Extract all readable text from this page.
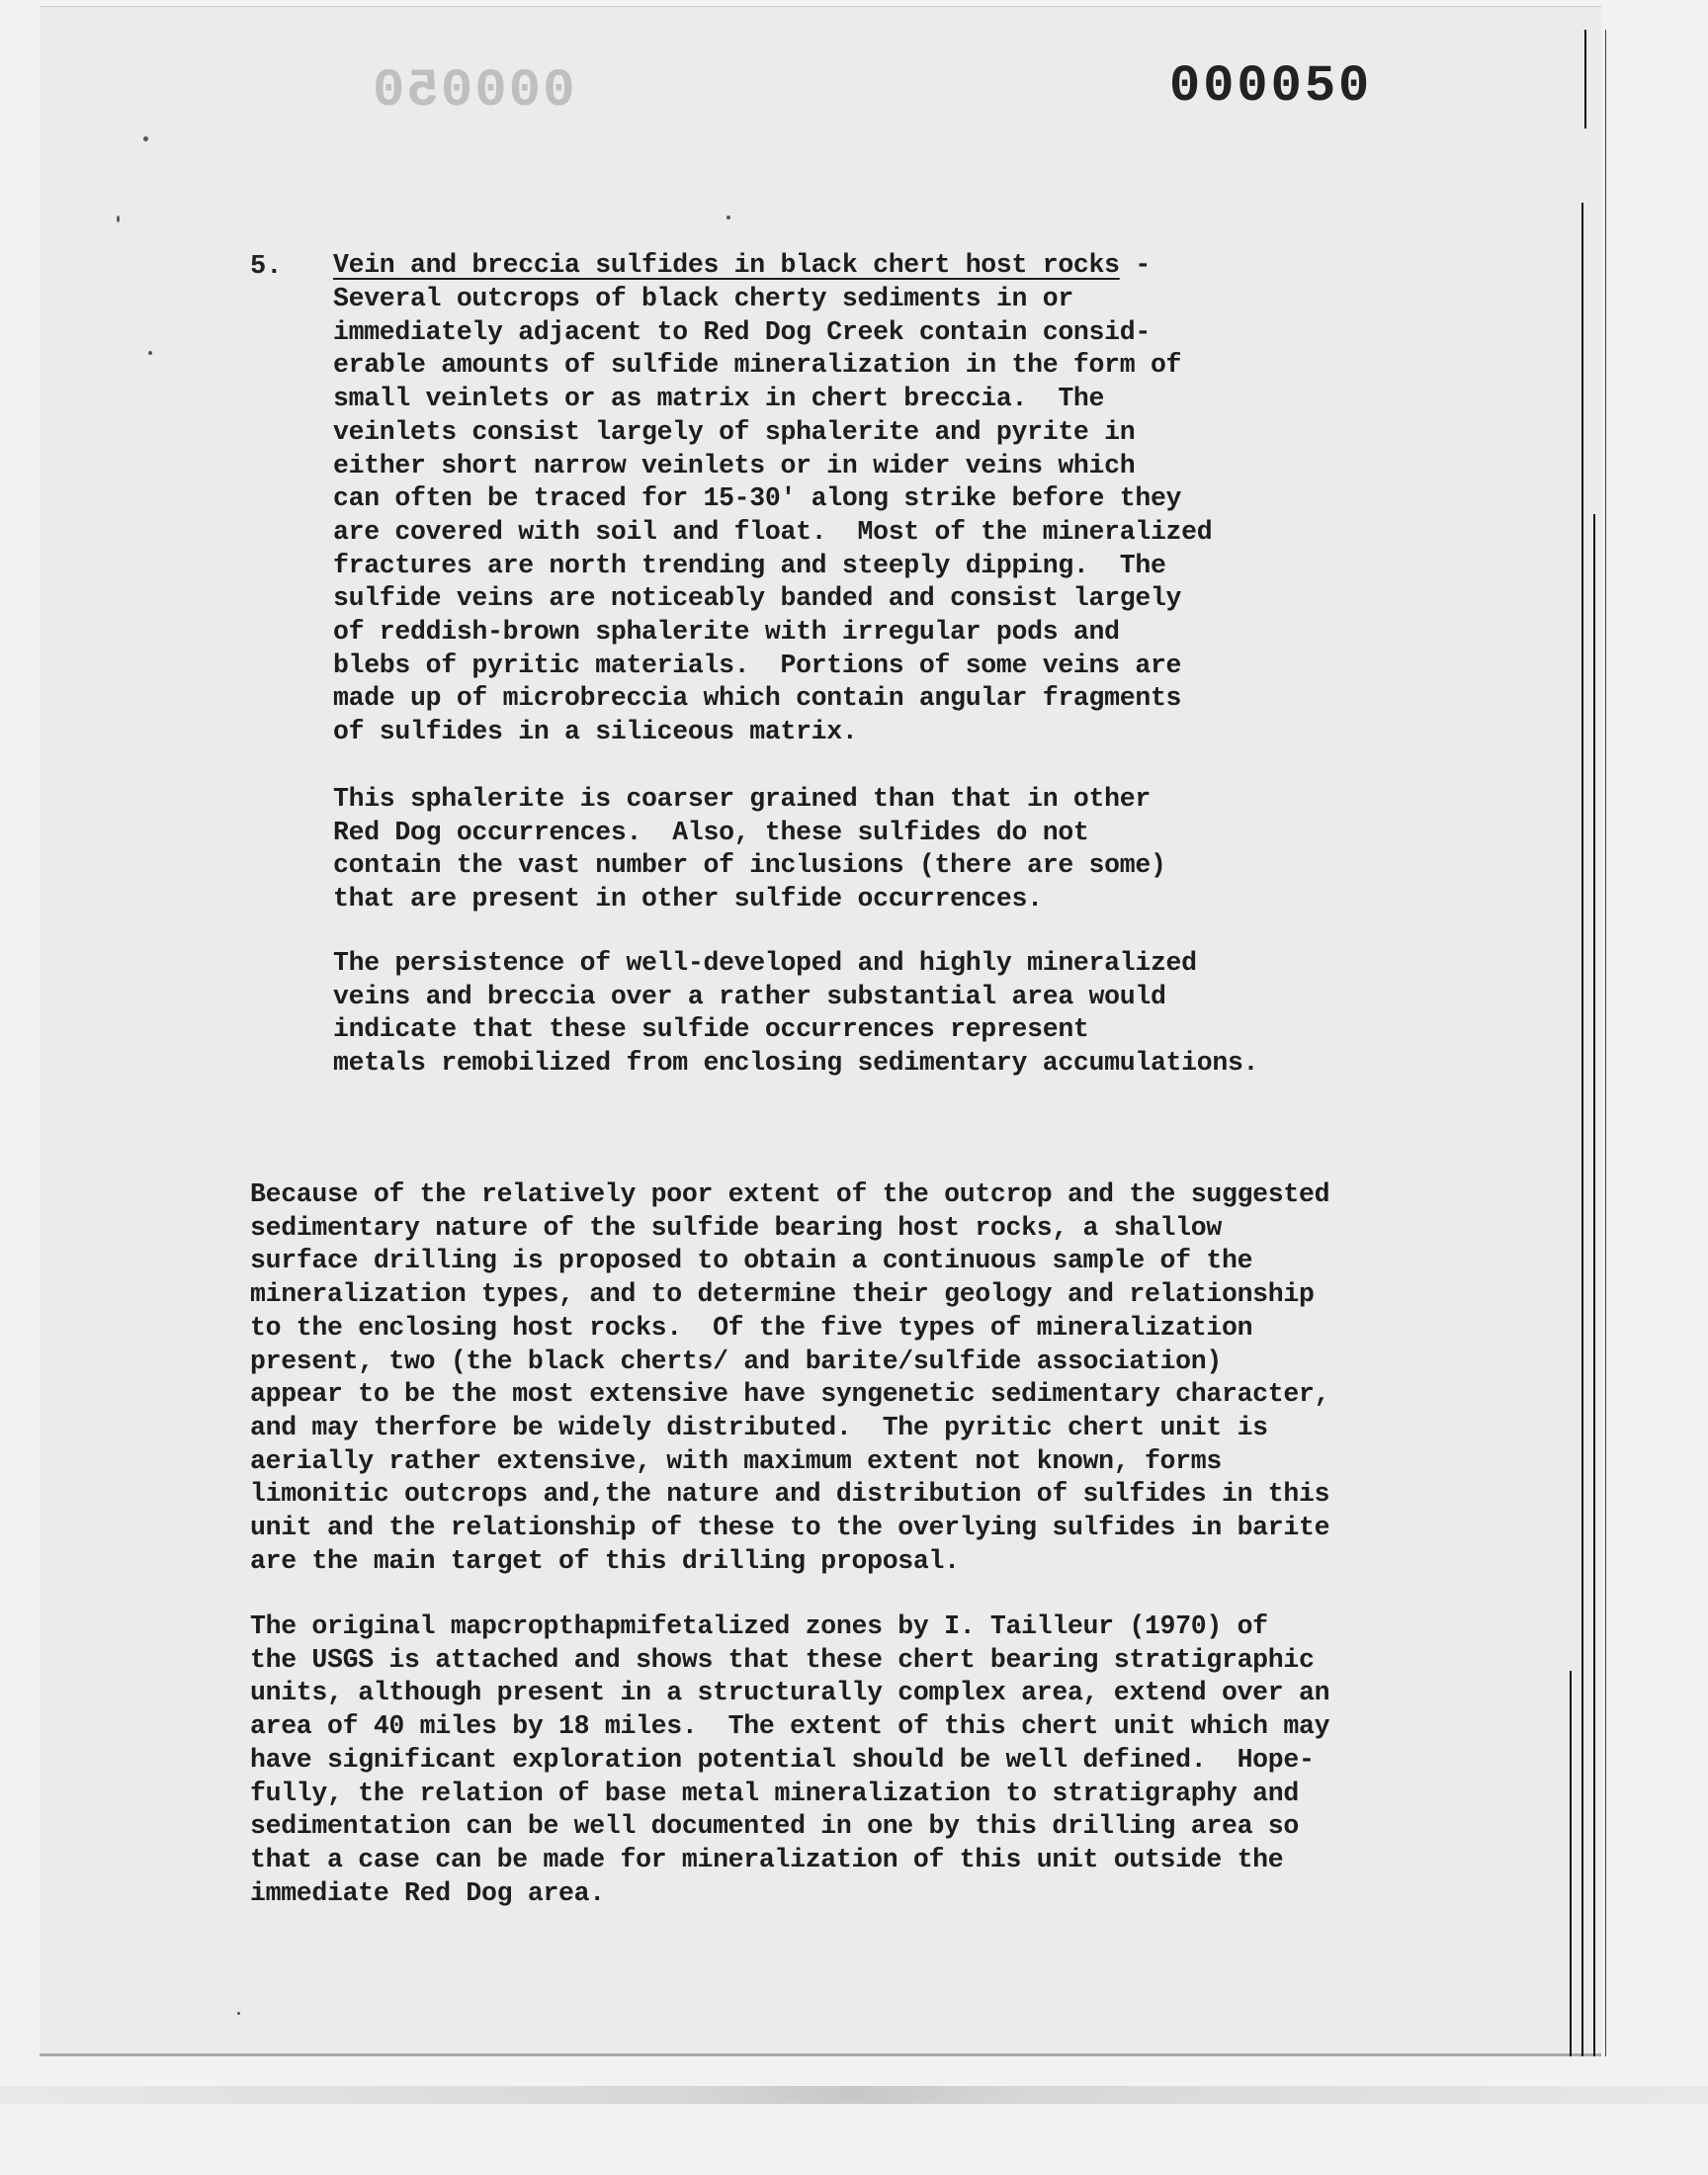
000050	000050
5. Vein and breccia sulfides in black chert host rocks -
Several outcrops of black cherty sediments in or
immediately adjacent to Red Dog Creek contain consid-
erable amounts of sulfide mineralization in the form of
small veinlets or as matrix in chert breccia.  The
veinlets consist largely of sphalerite and pyrite in
either short narrow veinlets or in wider veins which
can often be traced for 15-30' along strike before they
are covered with soil and float.  Most of the mineralized
fractures are north trending and steeply dipping.  The
sulfide veins are noticeably banded and consist largely
of reddish-brown sphalerite with irregular pods and
blebs of pyritic materials.  Portions of some veins are
made up of microbreccia which contain angular fragments
of sulfides in a siliceous matrix.
This sphalerite is coarser grained than that in other
Red Dog occurrences.  Also, these sulfides do not
contain the vast number of inclusions (there are some)
that are present in other sulfide occurrences.
The persistence of well-developed and highly mineralized
veins and breccia over a rather substantial area would
indicate that these sulfide occurrences represent
metals remobilized from enclosing sedimentary accumulations.
Because of the relatively poor extent of the outcrop and the suggested
sedimentary nature of the sulfide bearing host rocks, a shallow
surface drilling is proposed to obtain a continuous sample of the
mineralization types, and to determine their geology and relationship
to the enclosing host rocks.  Of the five types of mineralization
present, two (the black cherts/ and barite/sulfide association)
appear to be the most extensive have syngenetic sedimentary character,
and may therfore be widely distributed.  The pyritic chert unit is
aerially rather extensive, with maximum extent not known, forms
limonitic outcrops and,the nature and distribution of sulfides in this
unit and the relationship of these to the overlying sulfides in barite
are the main target of this drilling proposal.
The original mapcropthapmifetalized zones by I. Tailleur (1970) of
the USGS is attached and shows that these chert bearing stratigraphic
units, although present in a structurally complex area, extend over an
area of 40 miles by 18 miles.  The extent of this chert unit which may
have significant exploration potential should be well defined.  Hope-
fully, the relation of base metal mineralization to stratigraphy and
sedimentation can be well documented in one by this drilling area so
that a case can be made for mineralization of this unit outside the
immediate Red Dog area.
